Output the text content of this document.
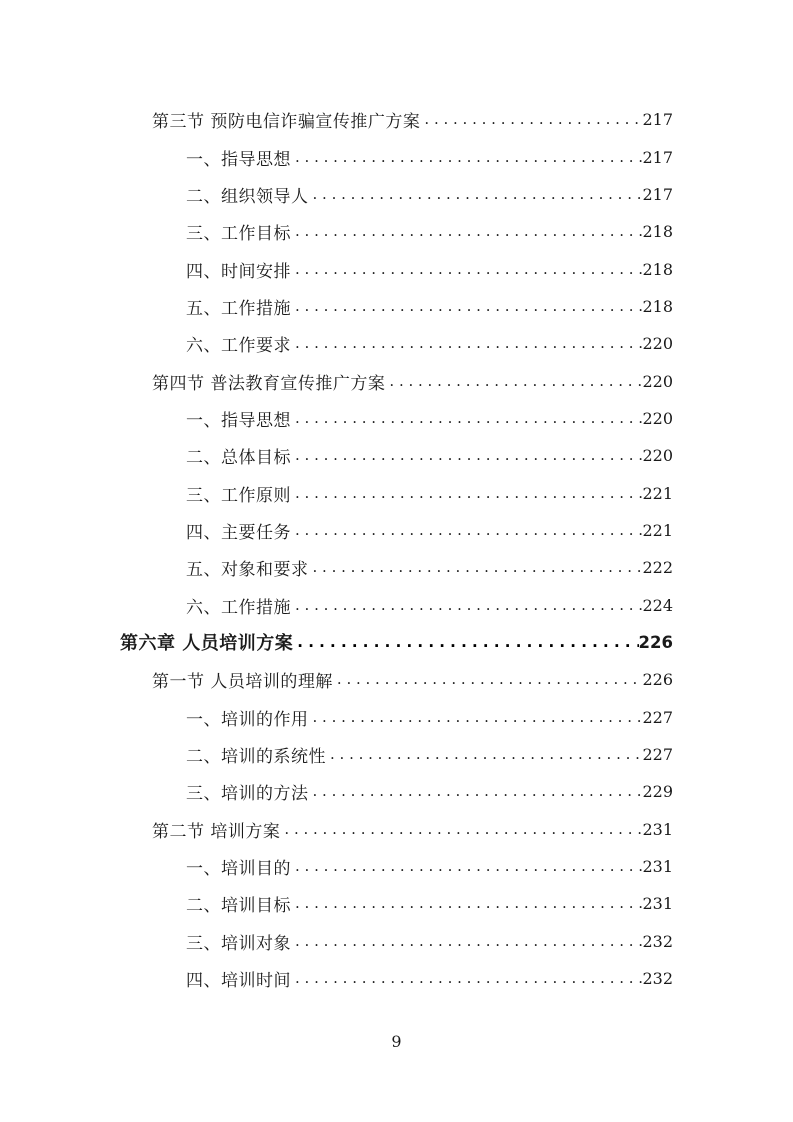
第三节 预防电信诈骗宣传推广方案 . . .	217
一、指导思想 . . .	217
二、组织领导人 . . .	217
三、工作目标 . . .	218
四、时间安排 . . .	218
五、工作措施 . . .	218
六、工作要求 . . .	220
第四节 普法教育宣传推广方案 . . .	220
一、指导思想 . . .	220
二、总体目标 . . .	220
三、工作原则 . . .	221
四、主要任务 . . .	221
五、对象和要求 . . .	222
六、工作措施 . . .	224
第六章 人员培训方案 . . .	226
第一节 人员培训的理解 . . .	226
一、培训的作用 . . .	227
二、培训的系统性 . . .	227
三、培训的方法 . . .	229
第二节 培训方案 . . .	231
一、培训目的 . . .	231
二、培训目标 . . .	231
三、培训对象 . . .	232
四、培训时间 . . .	232
9
